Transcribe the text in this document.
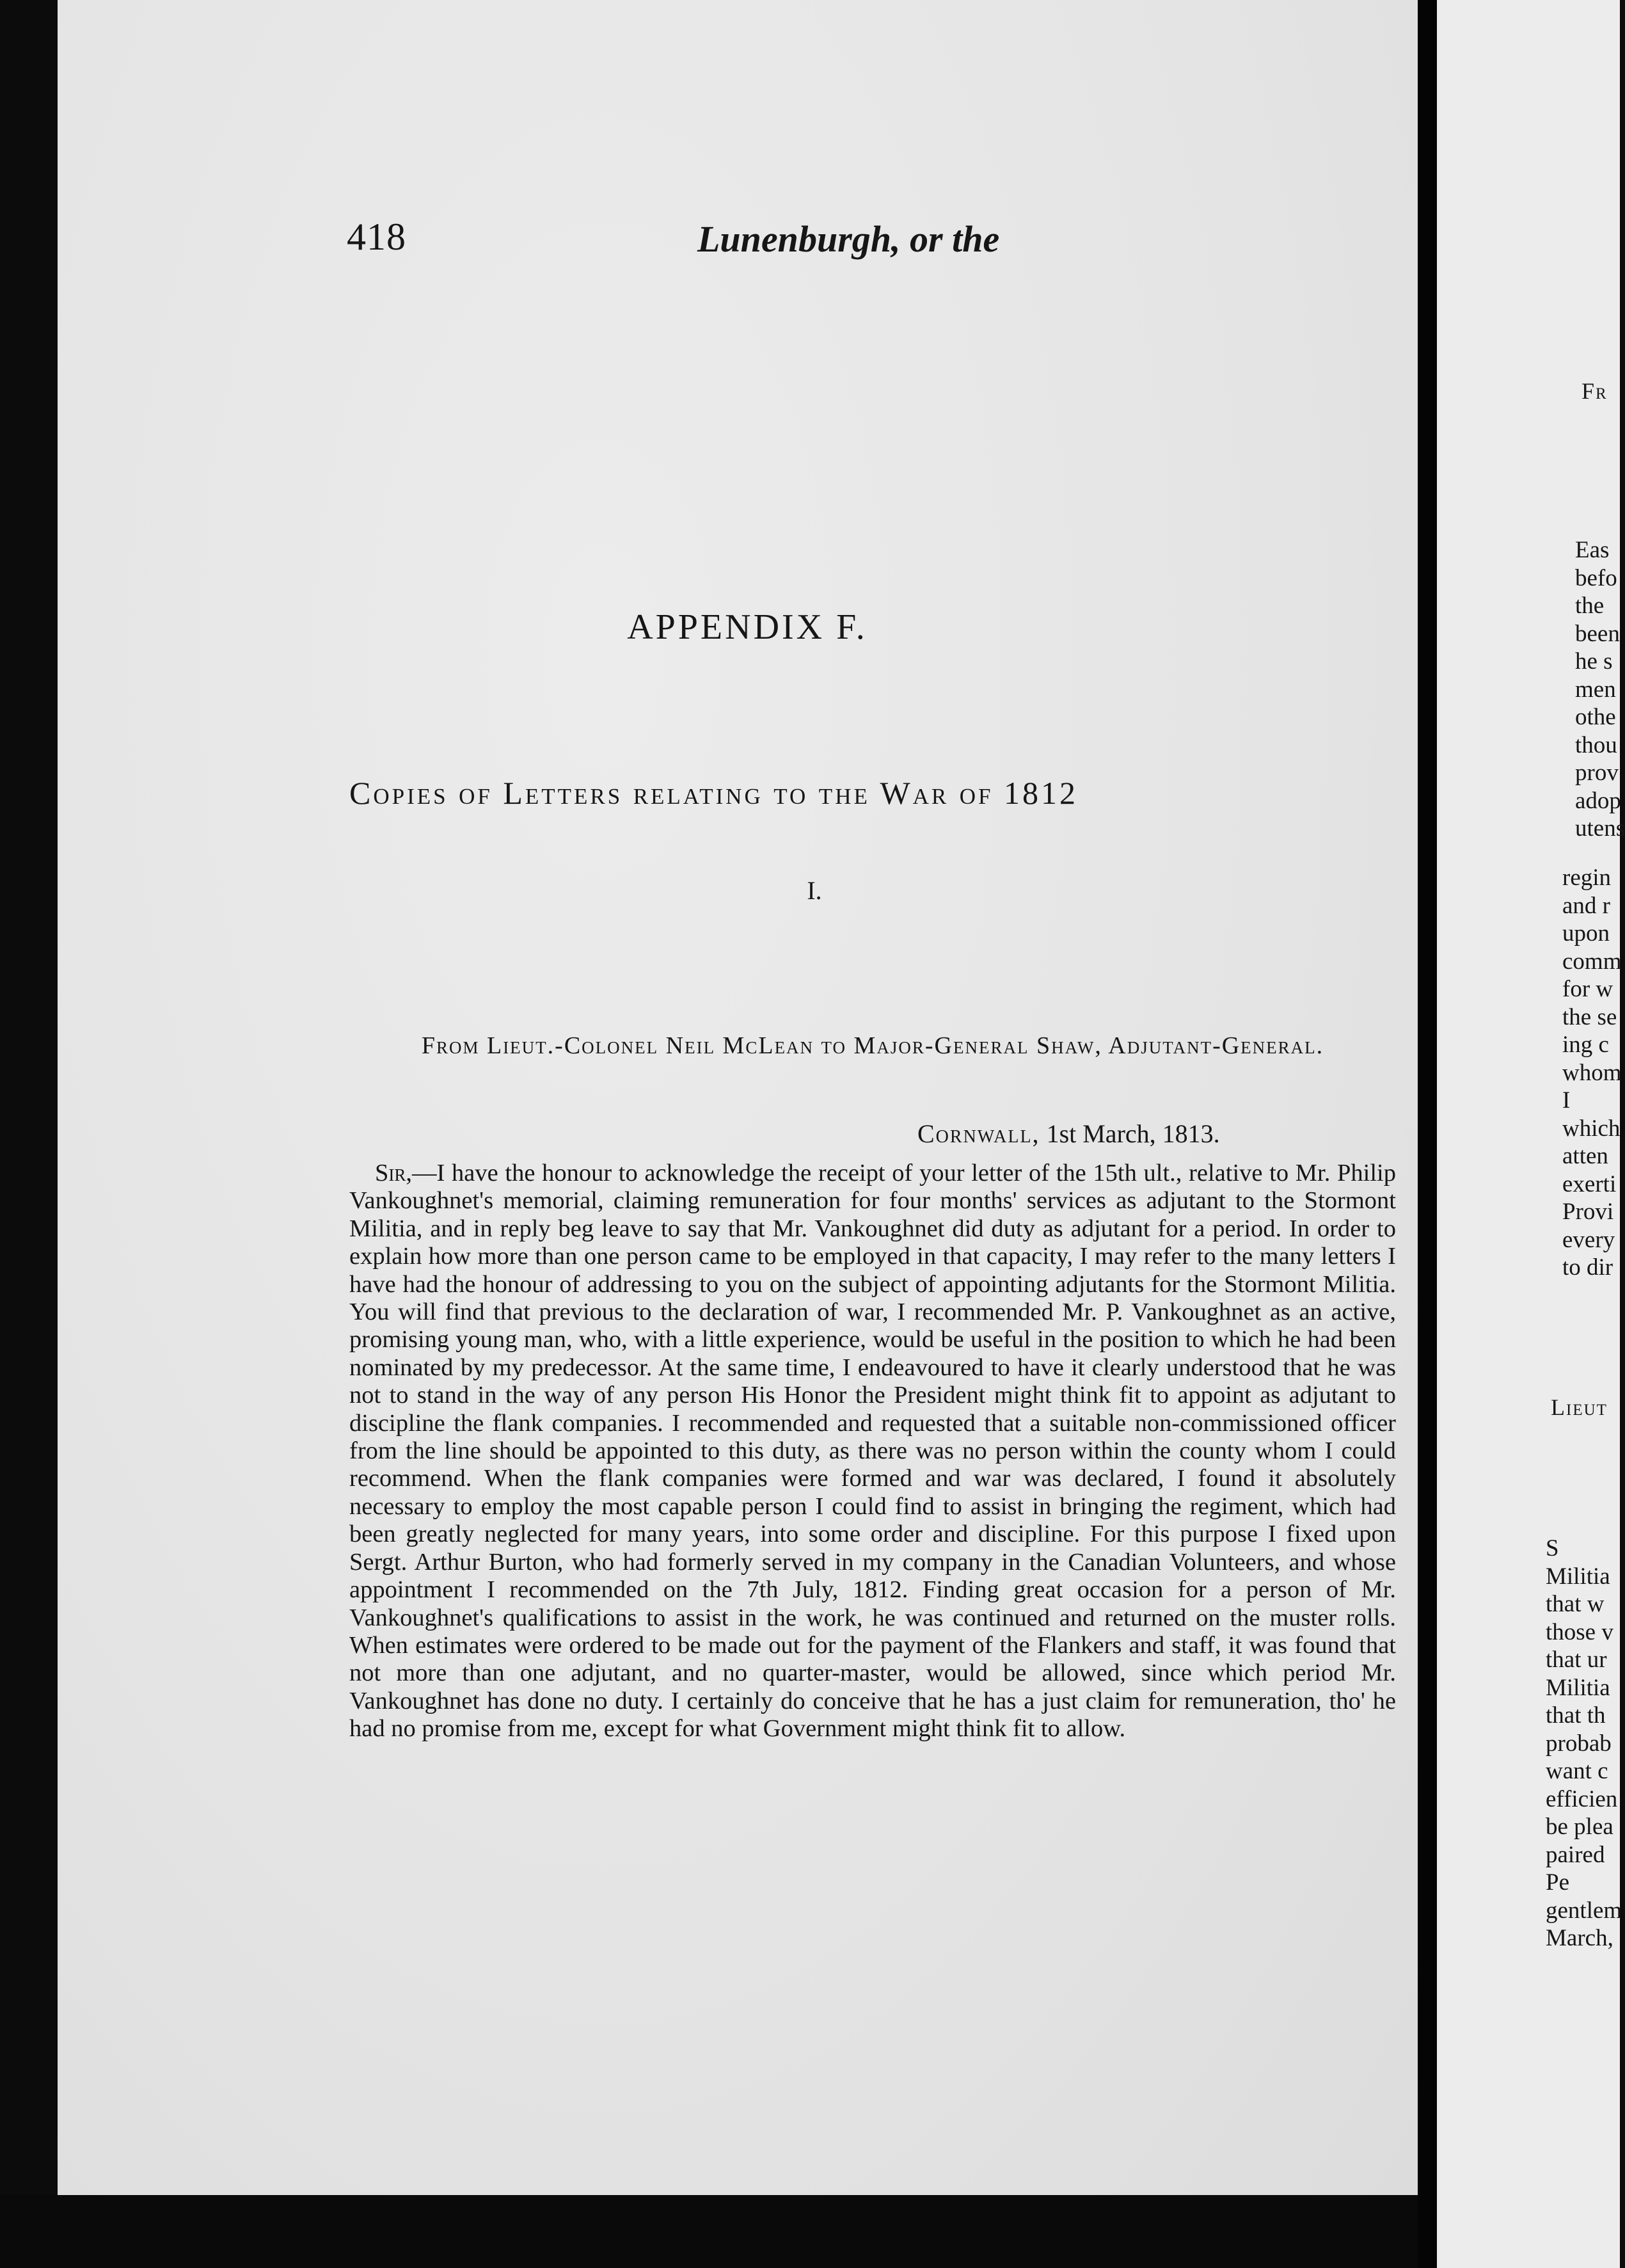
418	Lunenburgh, or the
APPENDIX F.
Copies of Letters relating to the War of 1812
I.
From Lieut.-Colonel Neil McLean to Major-General Shaw, Adjutant-General.
Cornwall, 1st March, 1813.
Sir,—I have the honour to acknowledge the receipt of your letter of the 15th ult., relative to Mr. Philip Vankoughnet's memorial, claiming remuneration for four months' services as adjutant to the Stormont Militia, and in reply beg leave to say that Mr. Vankoughnet did duty as adjutant for a period. In order to explain how more than one person came to be employed in that capacity, I may refer to the many letters I have had the honour of addressing to you on the subject of appointing adjutants for the Stormont Militia. You will find that previous to the declaration of war, I recommended Mr. P. Vankoughnet as an active, promising young man, who, with a little experience, would be useful in the position to which he had been nominated by my predecessor. At the same time, I endeavoured to have it clearly understood that he was not to stand in the way of any person His Honor the President might think fit to appoint as adjutant to discipline the flank companies. I recommended and requested that a suitable non-commissioned officer from the line should be appointed to this duty, as there was no person within the county whom I could recommend. When the flank companies were formed and war was declared, I found it absolutely necessary to employ the most capable person I could find to assist in bringing the regiment, which had been greatly neglected for many years, into some order and discipline. For this purpose I fixed upon Sergt. Arthur Burton, who had formerly served in my company in the Canadian Volunteers, and whose appointment I recommended on the 7th July, 1812. Finding great occasion for a person of Mr. Vankoughnet's qualifications to assist in the work, he was continued and returned on the muster rolls. When estimates were ordered to be made out for the payment of the Flankers and staff, it was found that not more than one adjutant, and no quarter-master, would be allowed, since which period Mr. Vankoughnet has done no duty. I certainly do conceive that he has a just claim for remuneration, tho' he had no promise from me, except for what Government might think fit to allow.
Fr
Eas
befo
the
been
he s
men
othe
thou
prov
adop
utens
regin
and r
upon
comm
for w
the se
ing c
whom
I
which
atten
exerti
Provi
every
to dir
Lieut
S
Militia
that w
those v
that ur
Militia
that th
probab
want c
efficien
be plea
paired
Pe
gentlem
March,
